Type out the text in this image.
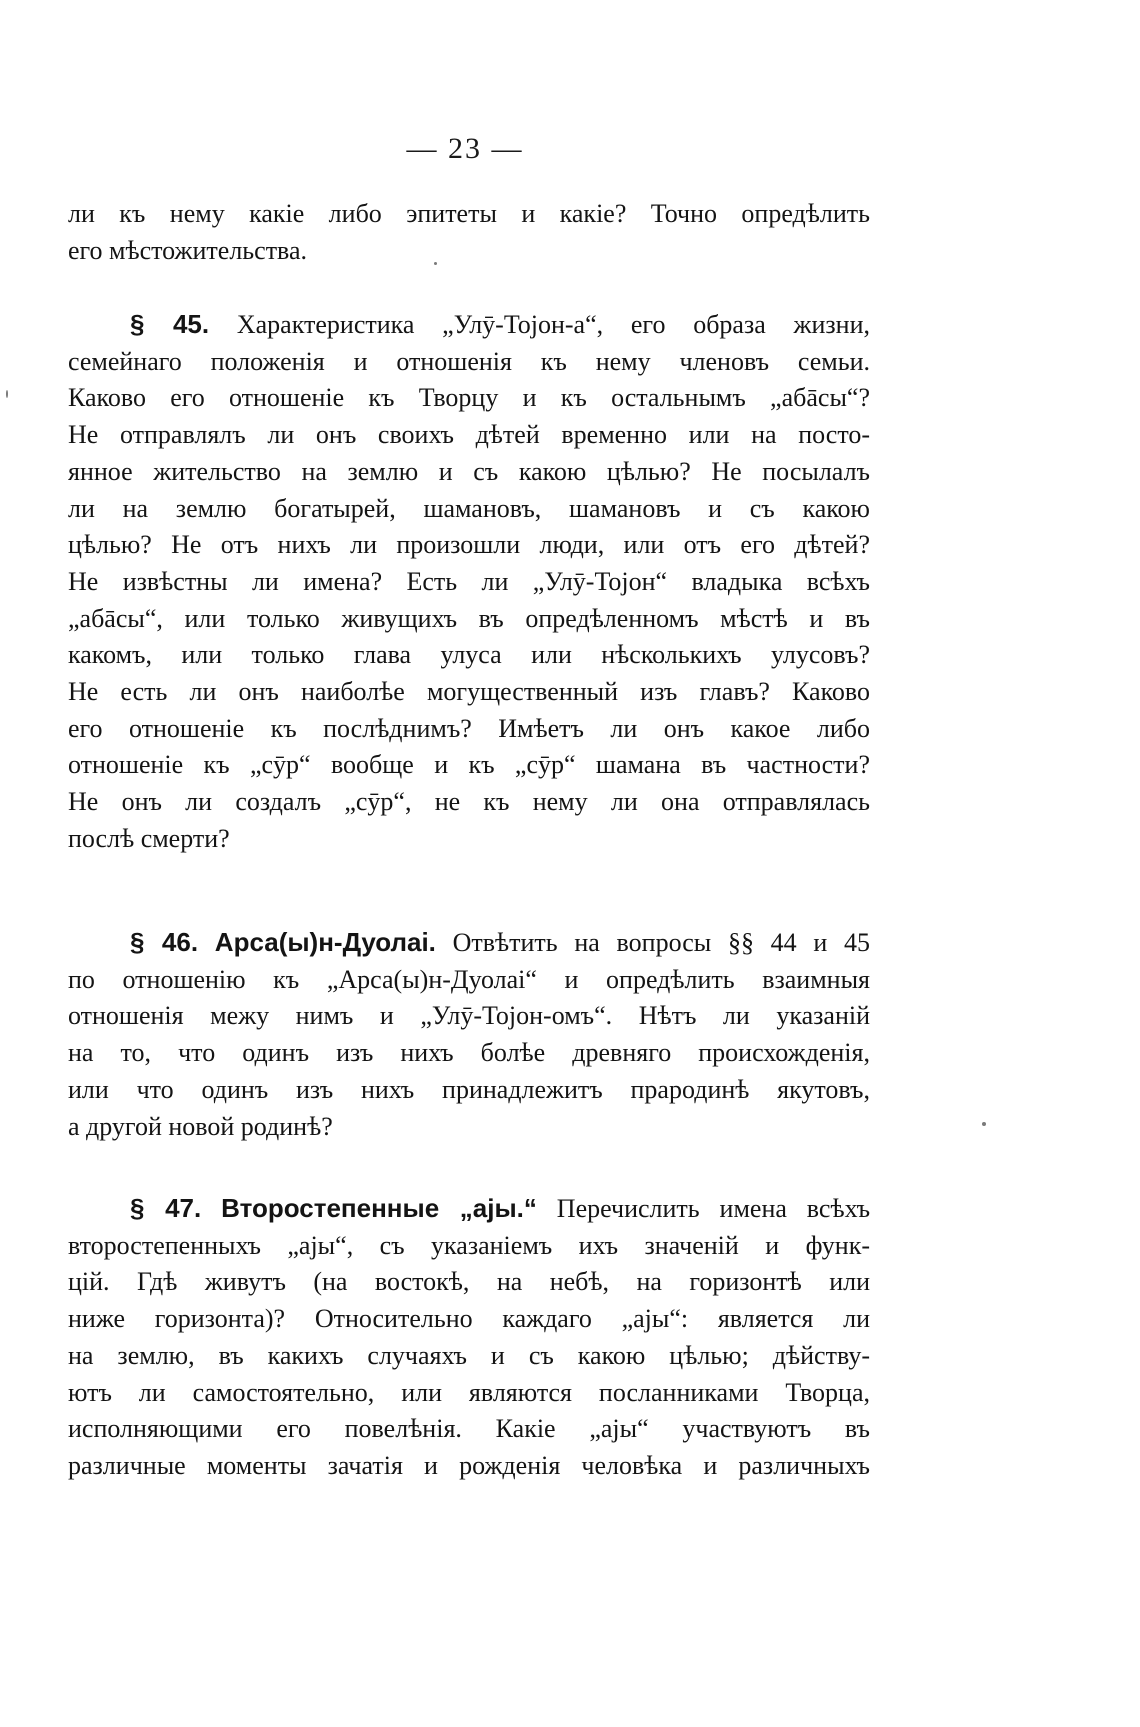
— 23 —
ли къ нему какіе либо эпитеты и какіе? Точно опредѣлить
его мѣстожительства.
§ 45. Характеристика „Улӯ-Тојон-а“, его образа жизни,
семейнаго положенія и отношенія къ нему членовъ семьи.
Каково его отношеніе къ Творцу и къ остальнымъ „абāсы“?
Не отправлялъ ли онъ своихъ дѣтей временно или на посто-
янное жительство на землю и съ какою цѣлью? Не посылалъ
ли на землю богатырей, шамановъ, шамановъ и съ какою
цѣлью? Не отъ нихъ ли произошли люди, или отъ его дѣтей?
Не извѣстны ли имена? Есть ли „Улӯ-Тојон“ владыка всѣхъ
„абāсы“, или только живущихъ въ опредѣленномъ мѣстѣ и въ
какомъ, или только глава улуса или нѣсколькихъ улусовъ?
Не есть ли онъ наиболѣе могущественный изъ главъ? Каково
его отношеніе къ послѣднимъ? Имѣетъ ли онъ какое либо
отношеніе къ „сӯр“ вообще и къ „сӯр“ шамана въ частности?
Не онъ ли создалъ „сӯр“, не къ нему ли она отправлялась
послѣ смерти?
§ 46. Арса(ы)н-Дуолаі. Отвѣтить на вопросы §§ 44 и 45
по отношенію къ „Арса(ы)н-Дуолаі“ и опредѣлить взаимныя
отношенія межу нимъ и „Улӯ-Тојон-омъ“. Нѣтъ ли указаній
на то, что одинъ изъ нихъ болѣе древняго происхожденія,
или что одинъ изъ нихъ принадлежитъ прародинѣ якутовъ,
а другой новой родинѣ?
§ 47. Второстепенные „ајы.“ Перечислить имена всѣхъ
второстепенныхъ „ајы“, съ указаніемъ ихъ значеній и функ-
цій. Гдѣ живутъ (на востокѣ, на небѣ, на горизонтѣ или
ниже горизонта)? Относительно каждаго „ајы“: является ли
на землю, въ какихъ случаяхъ и съ какою цѣлью; дѣйству-
ютъ ли самостоятельно, или являются посланниками Творца,
исполняющими его повелѣнія. Какіе „ајы“ участвуютъ въ
различные моменты зачатія и рожденія человѣка и различныхъ
